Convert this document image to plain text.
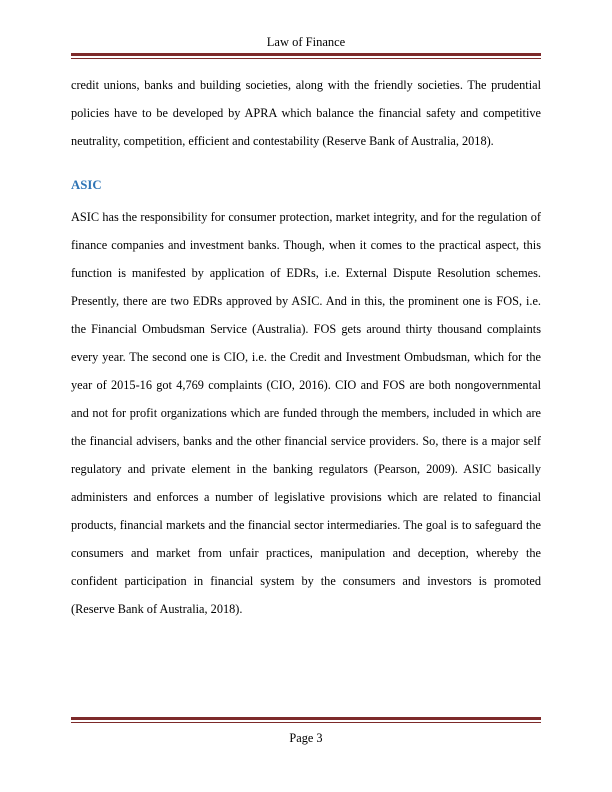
Law of Finance

credit unions, banks and building societies, along with the friendly societies. The prudential policies have to be developed by APRA which balance the financial safety and competitive neutrality, competition, efficient and contestability (Reserve Bank of Australia, 2018).

ASIC

ASIC has the responsibility for consumer protection, market integrity, and for the regulation of finance companies and investment banks. Though, when it comes to the practical aspect, this function is manifested by application of EDRs, i.e. External Dispute Resolution schemes. Presently, there are two EDRs approved by ASIC. And in this, the prominent one is FOS, i.e. the Financial Ombudsman Service (Australia). FOS gets around thirty thousand complaints every year. The second one is CIO, i.e. the Credit and Investment Ombudsman, which for the year of 2015-16 got 4,769 complaints (CIO, 2016). CIO and FOS are both nongovernmental and not for profit organizations which are funded through the members, included in which are the financial advisers, banks and the other financial service providers. So, there is a major self regulatory and private element in the banking regulators (Pearson, 2009). ASIC basically administers and enforces a number of legislative provisions which are related to financial products, financial markets and the financial sector intermediaries. The goal is to safeguard the consumers and market from unfair practices, manipulation and deception, whereby the confident participation in financial system by the consumers and investors is promoted (Reserve Bank of Australia, 2018).

Page 3
